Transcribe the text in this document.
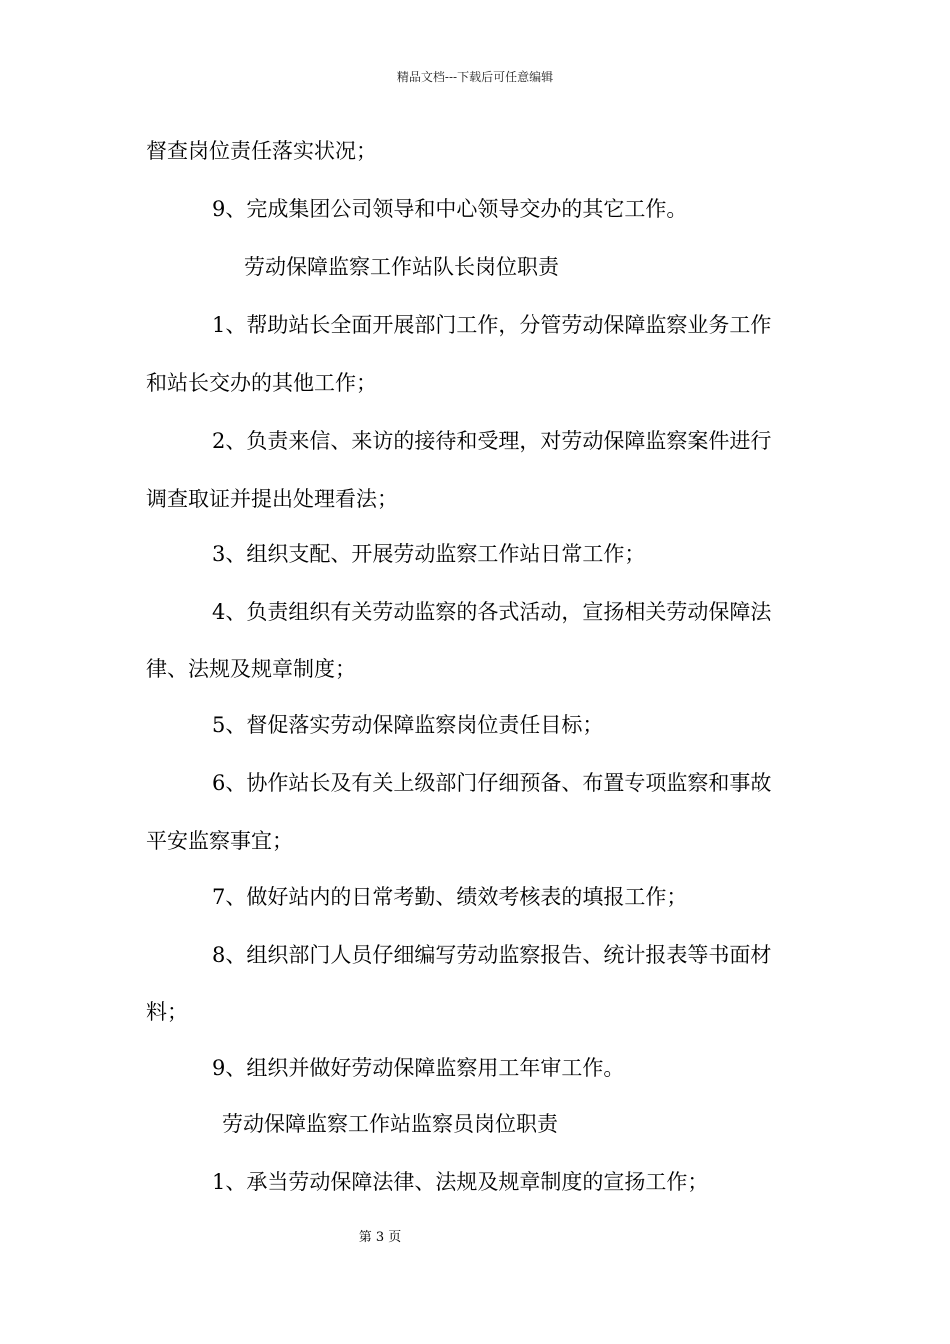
精品文档---下载后可任意编辑
督查岗位责任落实状况；
9、完成集团公司领导和中心领导交办的其它工作。
劳动保障监察工作站队长岗位职责
1、帮助站长全面开展部门工作，分管劳动保障监察业务工作
和站长交办的其他工作；
2、负责来信、来访的接待和受理，对劳动保障监察案件进行
调查取证并提出处理看法；
3、组织支配、开展劳动监察工作站日常工作；
4、负责组织有关劳动监察的各式活动，宣扬相关劳动保障法
律、法规及规章制度；
5、督促落实劳动保障监察岗位责任目标；
6、协作站长及有关上级部门仔细预备、布置专项监察和事故
平安监察事宜；
7、做好站内的日常考勤、绩效考核表的填报工作；
8、组织部门人员仔细编写劳动监察报告、统计报表等书面材
料；
9、组织并做好劳动保障监察用工年审工作。
劳动保障监察工作站监察员岗位职责
1、承当劳动保障法律、法规及规章制度的宣扬工作；
第 3 页
